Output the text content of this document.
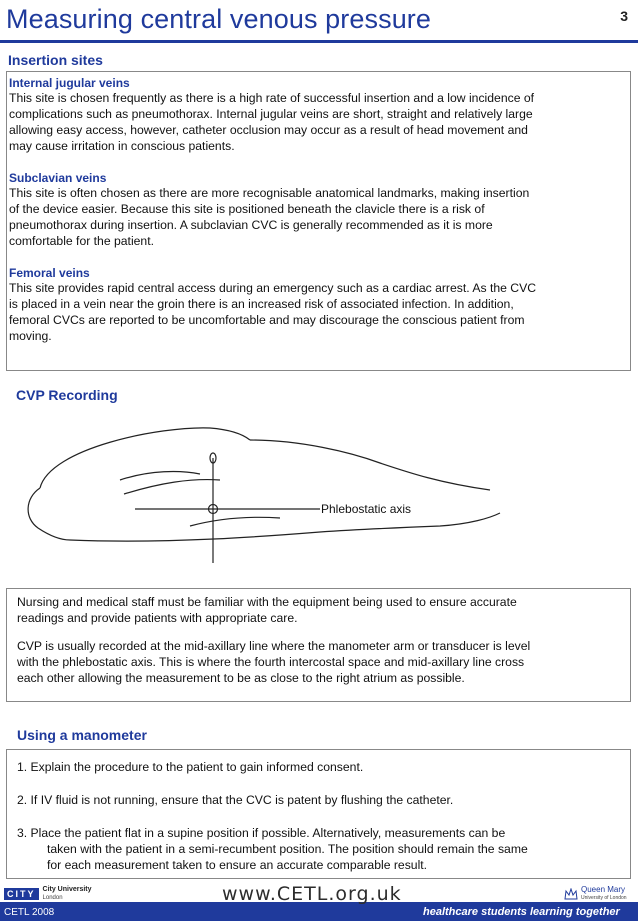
Measuring central venous pressure	3
Insertion sites
Internal jugular veins
This site is chosen frequently as there is a high rate of successful insertion and a low incidence of
complications such as pneumothorax. Internal jugular veins are short, straight and relatively large
allowing easy access, however, catheter occlusion may occur as a result of head movement and
may cause irritation in conscious patients.
Subclavian veins
This site is often chosen as there are more recognisable anatomical landmarks, making insertion
of the device easier. Because this site is positioned beneath the clavicle there is a risk of
pneumothorax during insertion. A subclavian CVC is generally recommended as it is more
comfortable for the patient.
Femoral veins
This site provides rapid central access during an emergency such as a cardiac arrest. As the CVC
is placed in a vein near the groin there is an increased risk of associated infection. In addition,
femoral CVCs are reported to be uncomfortable and may discourage the conscious patient from
moving.
CVP Recording
Phlebostatic axis
Nursing and medical staff must be familiar with the equipment being used to ensure accurate
readings and provide patients with appropriate care.
CVP is usually recorded at the mid-axillary line where the manometer arm or transducer is level
with the phlebostatic axis. This is where the fourth intercostal space and mid-axillary line cross
each other allowing the measurement to be as close to the right atrium as possible.
Using a manometer
1. Explain the procedure to the patient to gain informed consent.
2. If IV fluid is not running, ensure that the CVC is patent by flushing the catheter.
3. Place the patient flat in a supine position if possible. Alternatively, measurements can be
taken with the patient in a semi-recumbent position. The position should remain the same
for each measurement taken to ensure an accurate comparable result.
CITY	City University
London	www.CETL.org.uk	Queen Mary
University of London
CETL 2008	healthcare students learning together
